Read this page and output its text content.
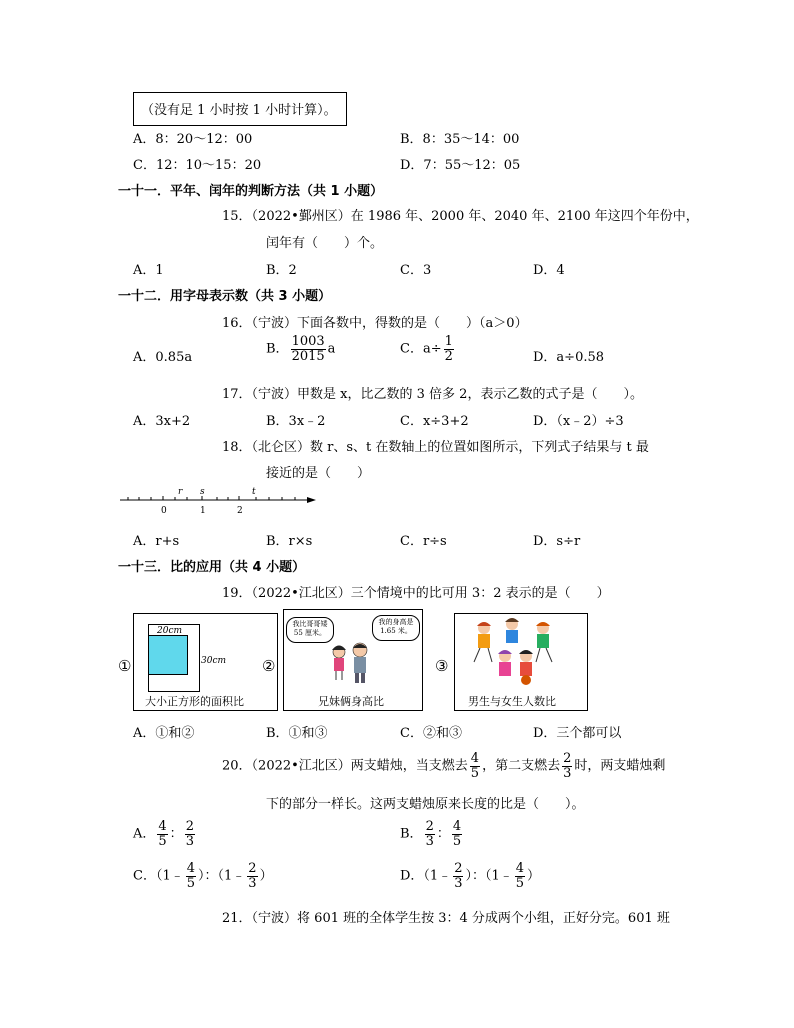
（没有足 1 小时按 1 小时计算）。
A．8：20～12：00	B．8：35～14：00
C．12：10～15：20	D．7：55～12：05
一十一．平年、闰年的判断方法（共 1 小题）
15．（2022•鄞州区）在 1986 年、2000 年、2040 年、2100 年这四个年份中，
闰年有（　　）个。
A．1	B．2	C．3	D．4
一十二．用字母表示数（共 3 小题）
16．（宁波）下面各数中，得数的是（　　）（a＞0）
A．0.85a
B． $\frac{1003}{2015}$ a	C．$a\div \frac{1}{2}$	D．a÷0.58
17．（宁波）甲数是 x，比乙数的 3 倍多 2，表示乙数的式子是（　　）。
A．3x+2	B．3x﹣2	C．x÷3+2	D．（x﹣2）÷3
18．（北仑区）数 r、s、t 在数轴上的位置如图所示，下列式子结果与 t 最
接近的是（　　）
r s	t
0	1	2
A．r+s	B．r×s	C．r÷s	D．s÷r
一十三．比的应用（共 4 小题）
19．（2022•江北区）三个情境中的比可用 3：2 表示的是（　　）
①
20cm
30cm
大小正方形的面积比
②
我比哥哥矮 55 厘米。
我的身高是 1.65 米。
兄妹俩身高比
③
男生与女生人数比
A．①和②	B．①和③	C．②和③	D．三个都可以
20．（2022•江北区）两支蜡烛，当支燃去 $\frac{4}{5}$ ，第二支燃去 $\frac{2}{3}$ 时，两支蜡烛剩
下的部分一样长。这两支蜡烛原来长度的比是（　　）。
A． $\frac{4}{5}$ ： $\frac{2}{3}$	B． $\frac{2}{3}$ ： $\frac{4}{5}$
C．（1﹣ $\frac{4}{5}$ ）：（1﹣ $\frac{2}{3}$ ）	D．（1﹣ $\frac{2}{3}$ ）：（1﹣ $\frac{4}{5}$ ）
21．（宁波）将 601 班的全体学生按 3：4 分成两个小组，正好分完。601 班
